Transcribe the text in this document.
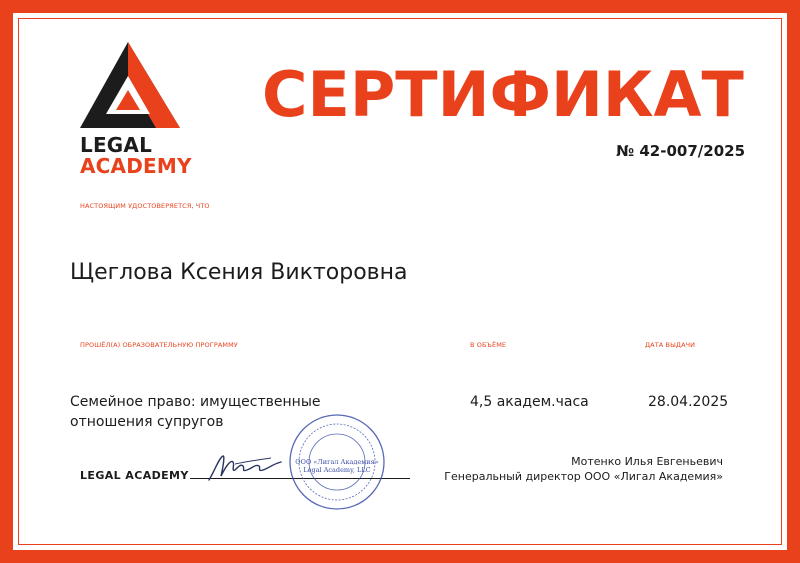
LEGAL
ACADEMY
СЕРТИФИКАТ
№ 42-007/2025
НАСТОЯЩИМ УДОСТОВЕРЯЕТСЯ, ЧТО
Щеглова Ксения Викторовна
ПРОШЁЛ(А) ОБРАЗОВАТЕЛЬНУЮ ПРОГРАММУ	В ОБЪЁМЕ	ДАТА ВЫДАЧИ
Семейное право: имущественные
отношения супругов
4,5 академ.часа	28.04.2025
LEGAL ACADEMY
ООО «Лигал Академия»
Legal Academy, LLC
Мотенко Илья Евгеньевич
Генеральный директор ООО «Лигал Академия»
